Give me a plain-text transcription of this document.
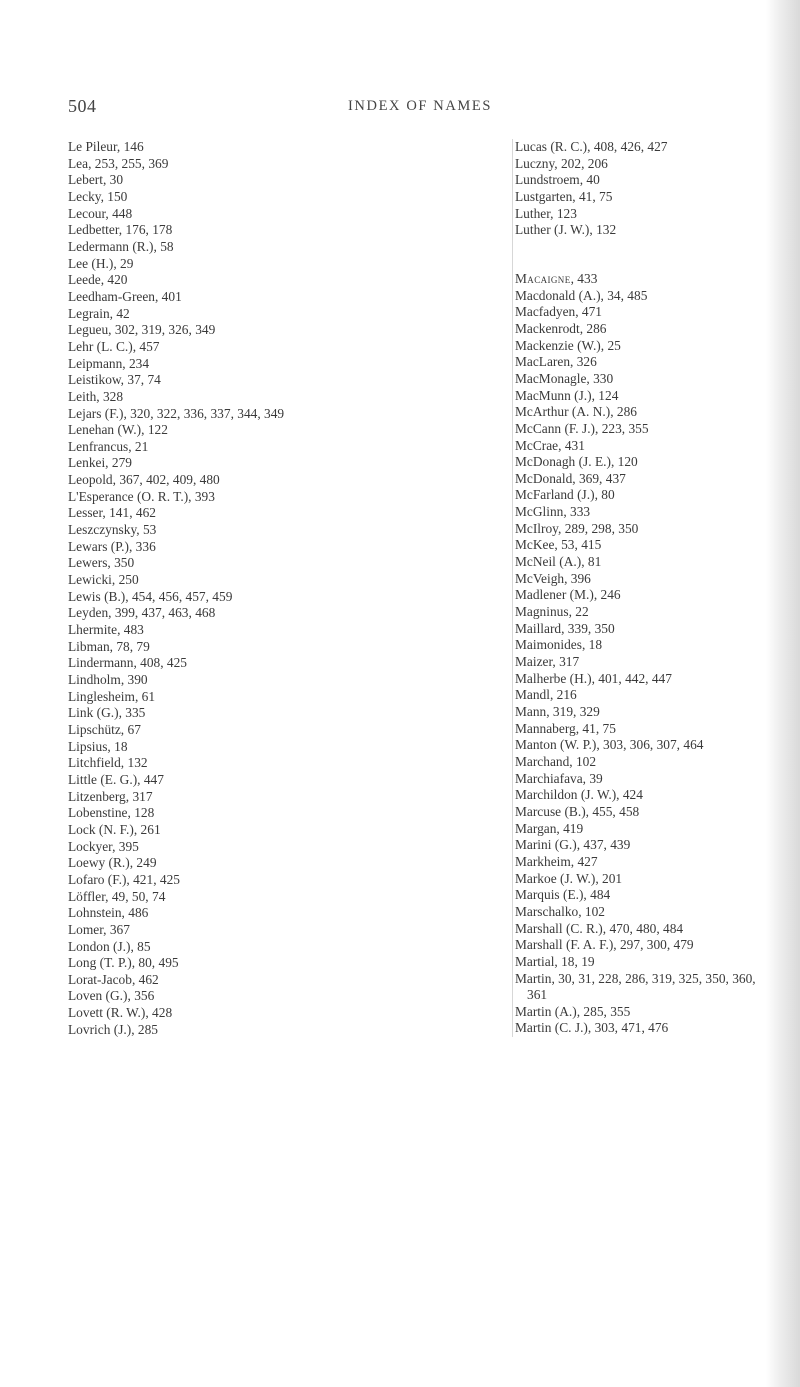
504	INDEX OF NAMES
Le Pileur, 146
Lea, 253, 255, 369
Lebert, 30
Lecky, 150
Lecour, 448
Ledbetter, 176, 178
Ledermann (R.), 58
Lee (H.), 29
Leede, 420
Leedham-Green, 401
Legrain, 42
Legueu, 302, 319, 326, 349
Lehr (L. C.), 457
Leipmann, 234
Leistikow, 37, 74
Leith, 328
Lejars (F.), 320, 322, 336, 337, 344, 349
Lenehan (W.), 122
Lenfrancus, 21
Lenkei, 279
Leopold, 367, 402, 409, 480
L'Esperance (O. R. T.), 393
Lesser, 141, 462
Leszczynsky, 53
Lewars (P.), 336
Lewers, 350
Lewicki, 250
Lewis (B.), 454, 456, 457, 459
Leyden, 399, 437, 463, 468
Lhermite, 483
Libman, 78, 79
Lindermann, 408, 425
Lindholm, 390
Linglesheim, 61
Link (G.), 335
Lipschütz, 67
Lipsius, 18
Litchfield, 132
Little (E. G.), 447
Litzenberg, 317
Lobenstine, 128
Lock (N. F.), 261
Lockyer, 395
Loewy (R.), 249
Lofaro (F.), 421, 425
Löffler, 49, 50, 74
Lohnstein, 486
Lomer, 367
London (J.), 85
Long (T. P.), 80, 495
Lorat-Jacob, 462
Loven (G.), 356
Lovett (R. W.), 428
Lovrich (J.), 285
Lucas (R. C.), 408, 426, 427
Luczny, 202, 206
Lundstroem, 40
Lustgarten, 41, 75
Luther, 123
Luther (J. W.), 132
Macaigne, 433
Macdonald (A.), 34, 485
Macfadyen, 471
Mackenrodt, 286
Mackenzie (W.), 25
MacLaren, 326
MacMonagle, 330
MacMunn (J.), 124
McArthur (A. N.), 286
McCann (F. J.), 223, 355
McCrae, 431
McDonagh (J. E.), 120
McDonald, 369, 437
McFarland (J.), 80
McGlinn, 333
McIlroy, 289, 298, 350
McKee, 53, 415
McNeil (A.), 81
McVeigh, 396
Madlener (M.), 246
Magninus, 22
Maillard, 339, 350
Maimonides, 18
Maizer, 317
Malherbe (H.), 401, 442, 447
Mandl, 216
Mann, 319, 329
Mannaberg, 41, 75
Manton (W. P.), 303, 306, 307, 464
Marchand, 102
Marchiafava, 39
Marchildon (J. W.), 424
Marcuse (B.), 455, 458
Margan, 419
Marini (G.), 437, 439
Markheim, 427
Markoe (J. W.), 201
Marquis (E.), 484
Marschalko, 102
Marshall (C. R.), 470, 480, 484
Marshall (F. A. F.), 297, 300, 479
Martial, 18, 19
Martin, 30, 31, 228, 286, 319, 325, 350, 360,
361
Martin (A.), 285, 355
Martin (C. J.), 303, 471, 476
